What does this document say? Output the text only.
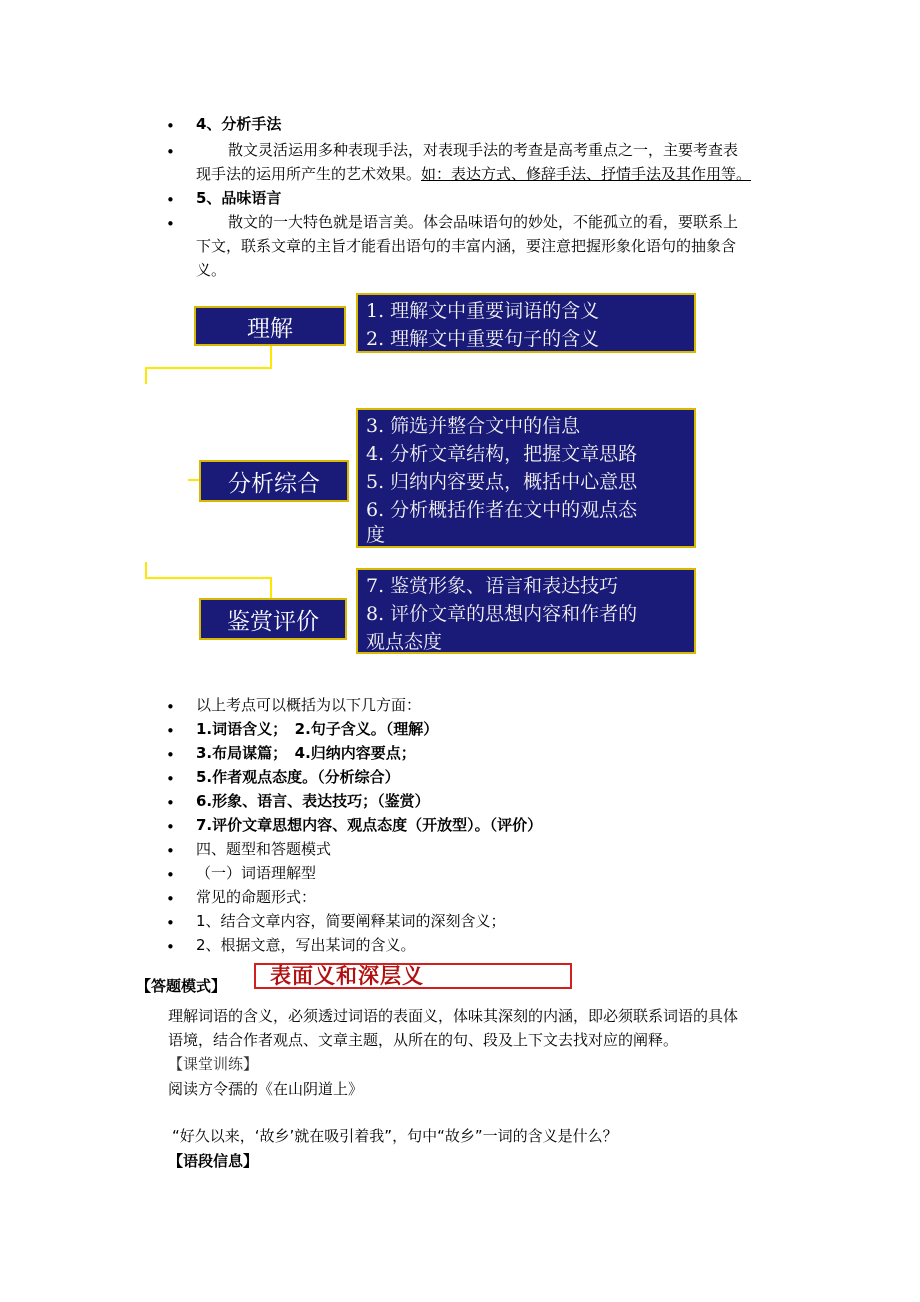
• 4、分析手法
•	散文灵活运用多种表现手法，对表现手法的考查是高考重点之一，主要考查表
现手法的运用所产生的艺术效果。如：表达方式、修辞手法、抒情手法及其作用等。
• 5、品味语言
•	散文的一大特色就是语言美。体会品味语句的妙处，不能孤立的看，要联系上
下文，联系文章的主旨才能看出语句的丰富内涵，要注意把握形象化语句的抽象含
义。
理解
1. 理解文中重要词语的含义
2. 理解文中重要句子的含义
分析综合
3. 筛选并整合文中的信息
4. 分析文章结构，把握文章思路
5. 归纳内容要点，概括中心意思
6. 分析概括作者在文中的观点态
度
鉴赏评价
7. 鉴赏形象、语言和表达技巧
8. 评价文章的思想内容和作者的
观点态度
• 以上考点可以概括为以下几方面：
• 1.词语含义；　2.句子含义。（理解）
• 3.布局谋篇；　4.归纳内容要点；
• 5.作者观点态度。（分析综合）
• 6.形象、语言、表达技巧；（鉴赏）
• 7.评价文章思想内容、观点态度（开放型）。（评价）
• 四、题型和答题模式
• （一）词语理解型
• 常见的命题形式：
• 1、结合文章内容，简要阐释某词的深刻含义；
• 2、根据文意，写出某词的含义。
【答题模式】	表面义和深层义
理解词语的含义，必须透过词语的表面义，体味其深刻的内涵，即必须联系词语的具体
语境，结合作者观点、文章主题，从所在的句、段及上下文去找对应的阐释。
【课堂训练】
阅读方令孺的《在山阴道上》
“好久以来，‘故乡’就在吸引着我”，句中“故乡”一词的含义是什么？
【语段信息】
